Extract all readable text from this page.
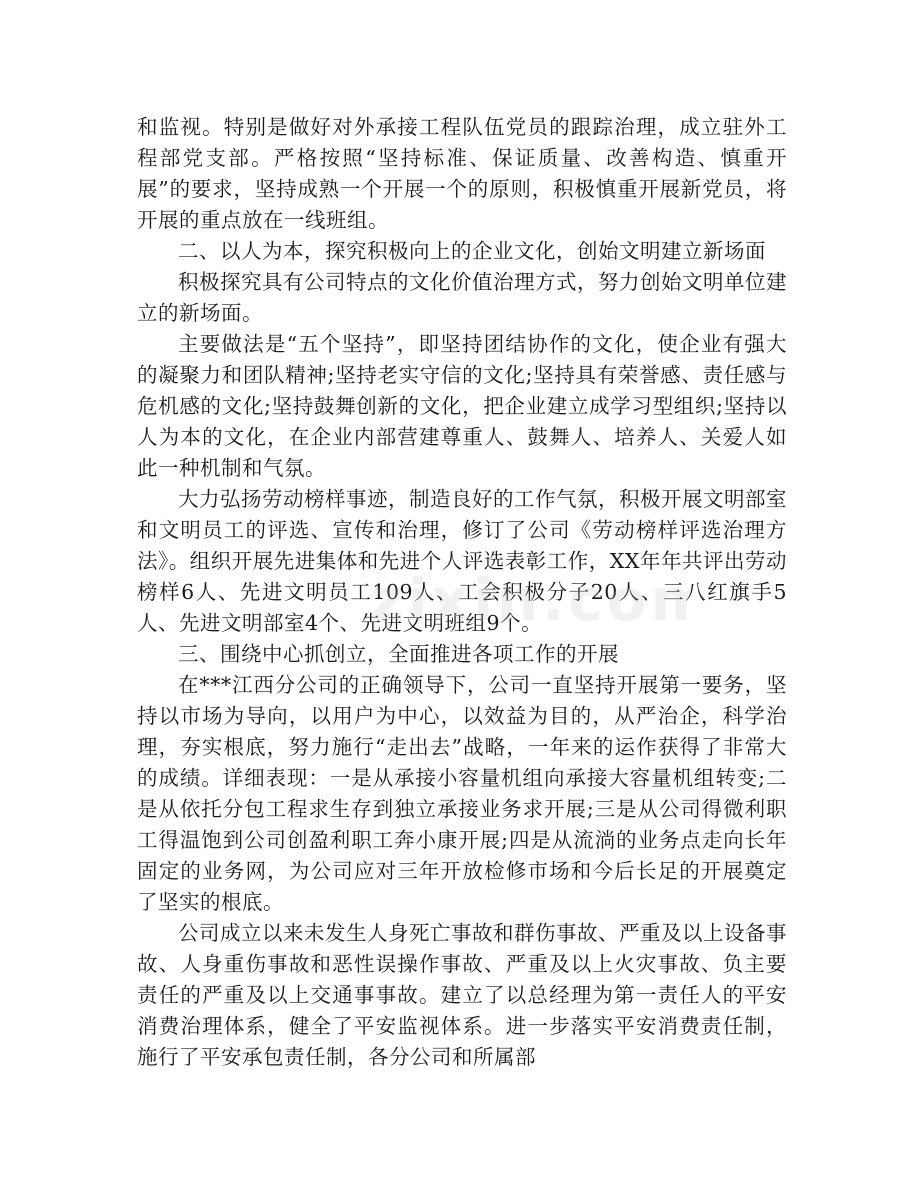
和监视。特别是做好对外承接工程队伍党员的跟踪治理，成立驻外工程部党支部。严格按照“坚持标准、保证质量、改善构造、慎重开展”的要求，坚持成熟一个开展一个的原则，积极慎重开展新党员，将开展的重点放在一线班组。

二、以人为本，探究积极向上的企业文化，创始文明建立新场面

积极探究具有公司特点的文化价值治理方式，努力创始文明单位建立的新场面。

主要做法是“五个坚持”，即坚持团结协作的文化，使企业有强大的凝聚力和团队精神;坚持老实守信的文化;坚持具有荣誉感、责任感与危机感的文化;坚持鼓舞创新的文化，把企业建立成学习型组织;坚持以人为本的文化，在企业内部营建尊重人、鼓舞人、培养人、关爱人如此一种机制和气氛。

大力弘扬劳动榜样事迹，制造良好的工作气氛，积极开展文明部室和文明员工的评选、宣传和治理，修订了公司《劳动榜样评选治理方法》。组织开展先进集体和先进个人评选表彰工作，XX年年共评出劳动榜样6人、先进文明员工109人、工会积极分子20人、三八红旗手5人、先进文明部室4个、先进文明班组9个。

三、围绕中心抓创立，全面推进各项工作的开展

在***江西分公司的正确领导下，公司一直坚持开展第一要务，坚持以市场为导向，以用户为中心，以效益为目的，从严治企，科学治理，夯实根底，努力施行“走出去”战略，一年来的运作获得了非常大的成绩。详细表现：一是从承接小容量机组向承接大容量机组转变;二是从依托分包工程求生存到独立承接业务求开展;三是从公司得微利职工得温饱到公司创盈利职工奔小康开展;四是从流淌的业务点走向长年固定的业务网，为公司应对三年开放检修市场和今后长足的开展奠定了坚实的根底。

公司成立以来未发生人身死亡事故和群伤事故、严重及以上设备事故、人身重伤事故和恶性误操作事故、严重及以上火灾事故、负主要责任的严重及以上交通事事故。建立了以总经理为第一责任人的平安消费治理体系，健全了平安监视体系。进一步落实平安消费责任制，施行了平安承包责任制，各分公司和所属部

zixin.com
